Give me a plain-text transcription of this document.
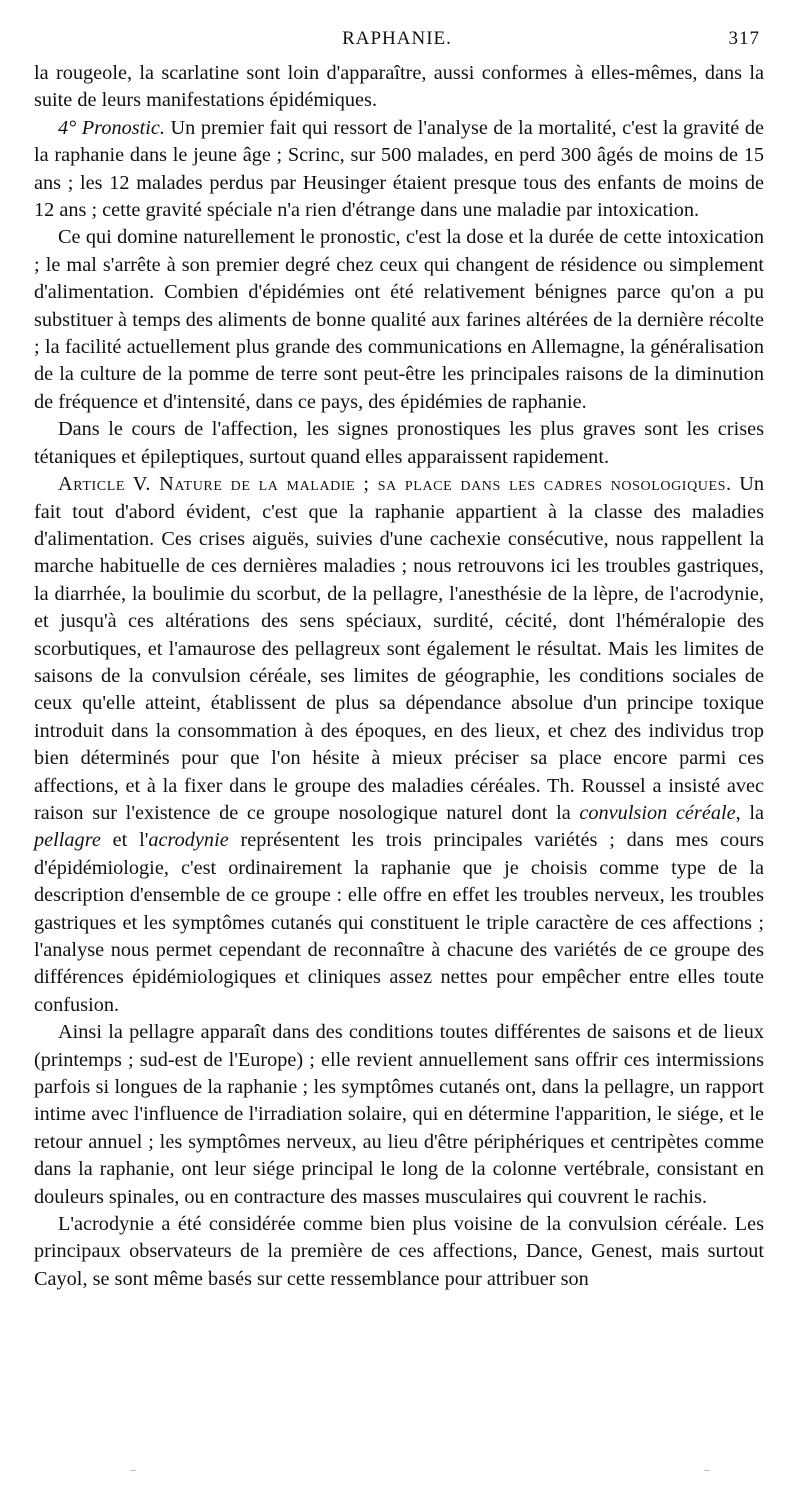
RAPHANIE.	317

la rougeole, la scarlatine sont loin d'apparaître, aussi conformes à elles-mêmes, dans la suite de leurs manifestations épidémiques.

4° Pronostic. Un premier fait qui ressort de l'analyse de la mortalité, c'est la gravité de la raphanie dans le jeune âge ; Scrinc, sur 500 malades, en perd 300 âgés de moins de 15 ans ; les 12 malades perdus par Heusinger étaient presque tous des enfants de moins de 12 ans ; cette gravité spéciale n'a rien d'étrange dans une maladie par intoxication.

Ce qui domine naturellement le pronostic, c'est la dose et la durée de cette intoxication ; le mal s'arrête à son premier degré chez ceux qui changent de résidence ou simplement d'alimentation. Combien d'épidémies ont été relativement bénignes parce qu'on a pu substituer à temps des aliments de bonne qualité aux farines altérées de la dernière récolte ; la facilité actuellement plus grande des communications en Allemagne, la généralisation de la culture de la pomme de terre sont peut-être les principales raisons de la diminution de fréquence et d'intensité, dans ce pays, des épidémies de raphanie.

Dans le cours de l'affection, les signes pronostiques les plus graves sont les crises tétaniques et épileptiques, surtout quand elles apparaissent rapidement.

Article V. Nature de la maladie ; sa place dans les cadres nosologiques. Un fait tout d'abord évident, c'est que la raphanie appartient à la classe des maladies d'alimentation. Ces crises aiguës, suivies d'une cachexie consécutive, nous rappellent la marche habituelle de ces dernières maladies ; nous retrouvons ici les troubles gastriques, la diarrhée, la boulimie du scorbut, de la pellagre, l'anesthésie de la lèpre, de l'acrodynie, et jusqu'à ces altérations des sens spéciaux, surdité, cécité, dont l'héméralopie des scorbutiques, et l'amaurose des pellagreux sont également le résultat. Mais les limites de saisons de la convulsion céréale, ses limites de géographie, les conditions sociales de ceux qu'elle atteint, établissent de plus sa dépendance absolue d'un principe toxique introduit dans la consommation à des époques, en des lieux, et chez des individus trop bien déterminés pour que l'on hésite à mieux préciser sa place encore parmi ces affections, et à la fixer dans le groupe des maladies céréales. Th. Roussel a insisté avec raison sur l'existence de ce groupe nosologique naturel dont la convulsion céréale, la pellagre et l'acrodynie représentent les trois principales variétés ; dans mes cours d'épidémiologie, c'est ordinairement la raphanie que je choisis comme type de la description d'ensemble de ce groupe : elle offre en effet les troubles nerveux, les troubles gastriques et les symptômes cutanés qui constituent le triple caractère de ces affections ; l'analyse nous permet cependant de reconnaître à chacune des variétés de ce groupe des différences épidémiologiques et cliniques assez nettes pour empêcher entre elles toute confusion.

Ainsi la pellagre apparaît dans des conditions toutes différentes de saisons et de lieux (printemps ; sud-est de l'Europe) ; elle revient annuellement sans offrir ces intermissions parfois si longues de la raphanie ; les symptômes cutanés ont, dans la pellagre, un rapport intime avec l'influence de l'irradiation solaire, qui en détermine l'apparition, le siége, et le retour annuel ; les symptômes nerveux, au lieu d'être périphériques et centripètes comme dans la raphanie, ont leur siége principal le long de la colonne vertébrale, consistant en douleurs spinales, ou en contracture des masses musculaires qui couvrent le rachis.

L'acrodynie a été considérée comme bien plus voisine de la convulsion céréale. Les principaux observateurs de la première de ces affections, Dance, Genest, mais surtout Cayol, se sont même basés sur cette ressemblance pour attribuer son

–	–
